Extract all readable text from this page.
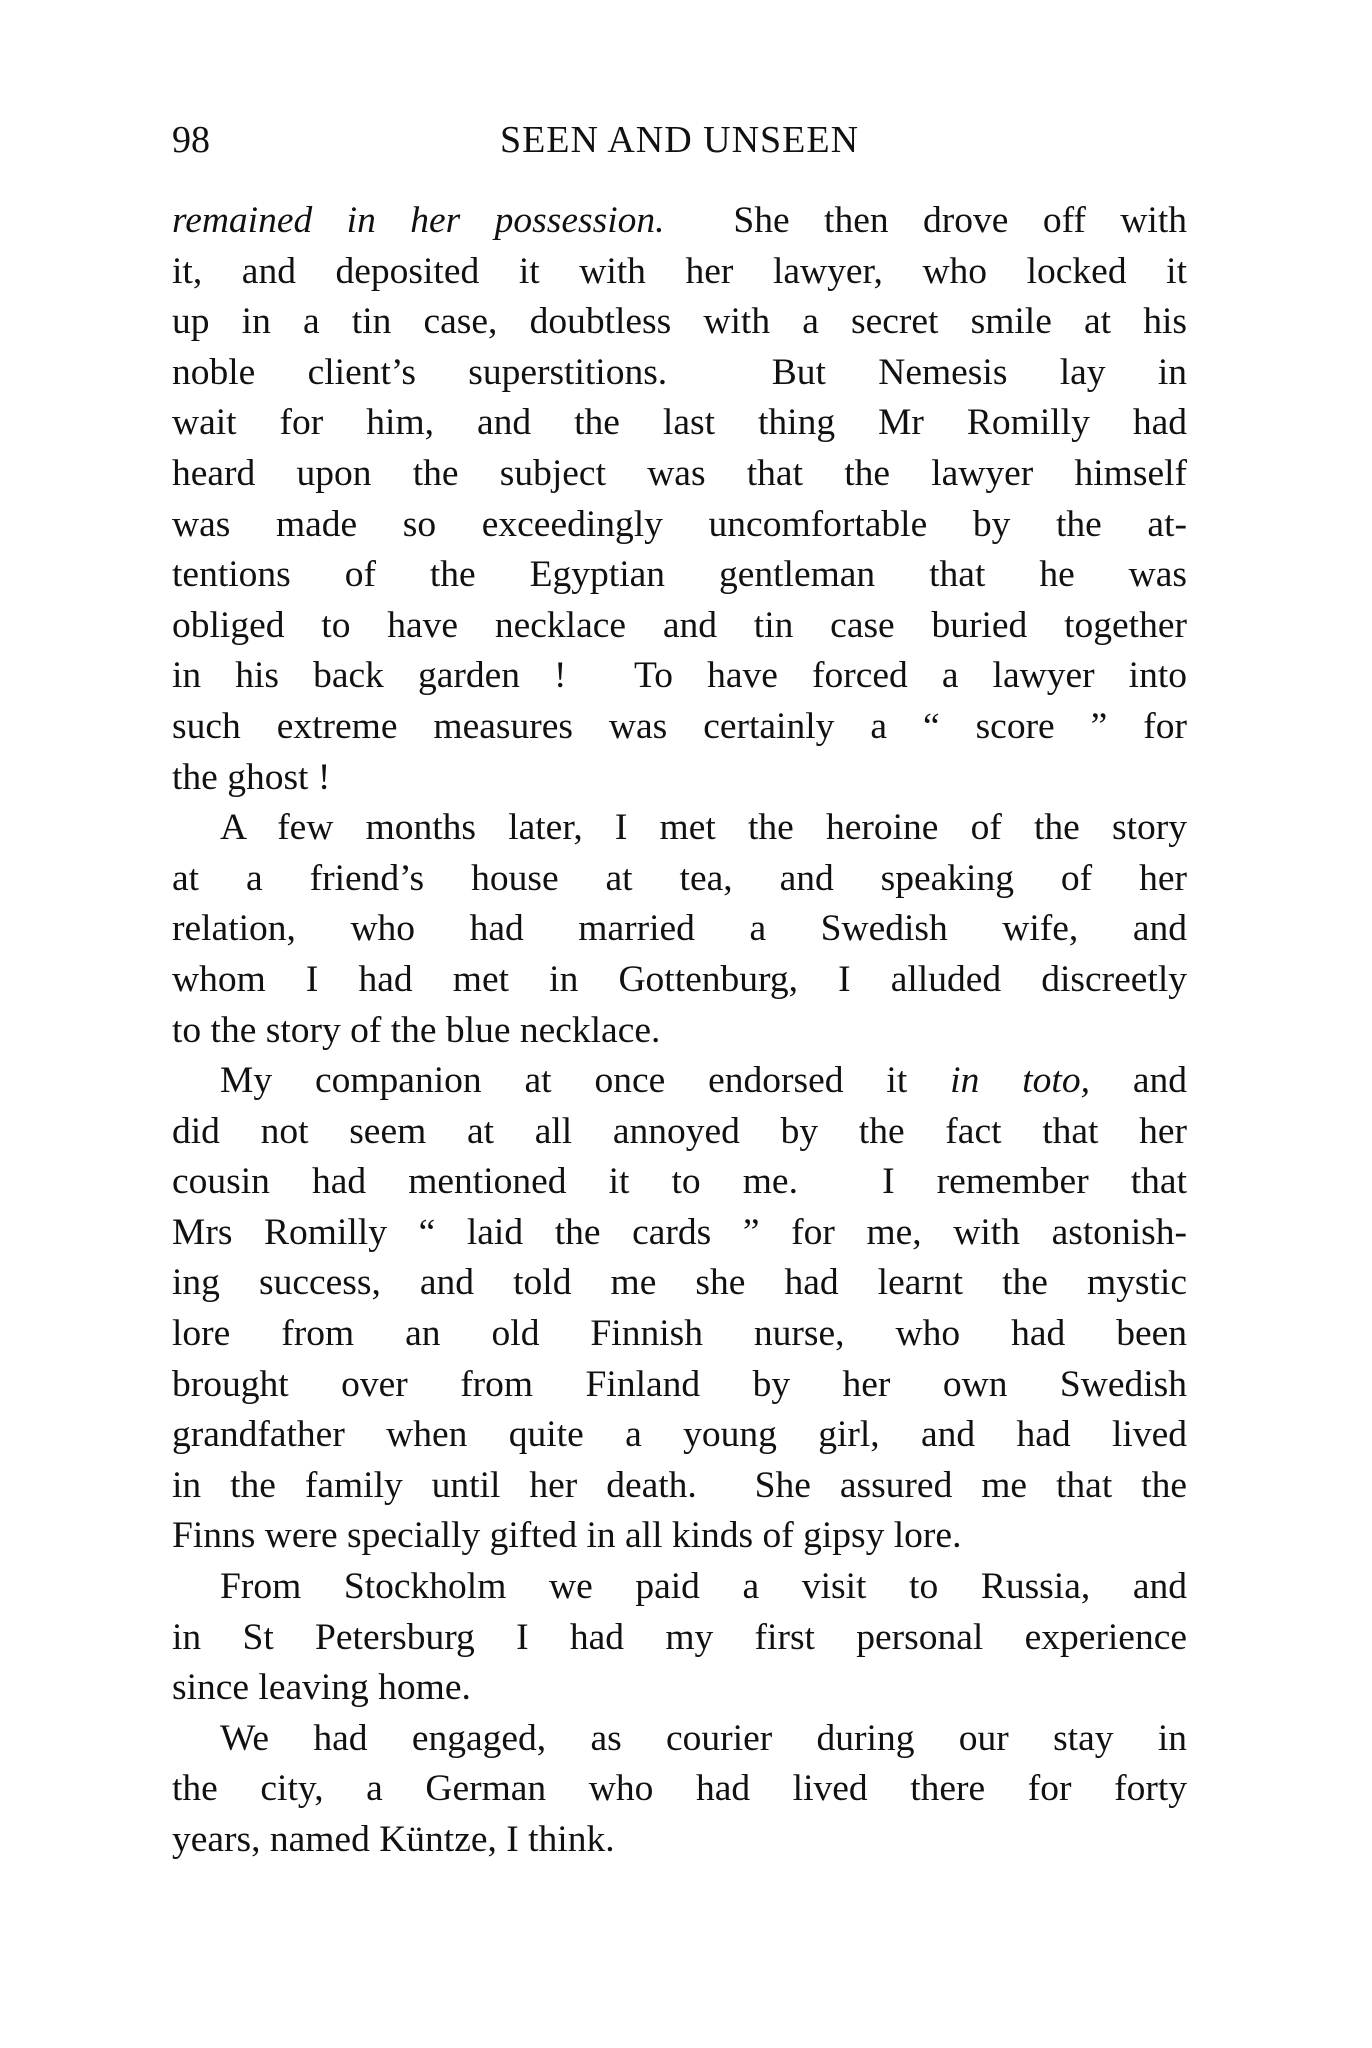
98	SEEN AND UNSEEN
remained in her possession.  She then drove off with
it, and deposited it with her lawyer, who locked it
up in a tin case, doubtless with a secret smile at his
noble client’s superstitions.  But Nemesis lay in
wait for him, and the last thing Mr Romilly had
heard upon the subject was that the lawyer himself
was made so exceedingly uncomfortable by the at-
tentions of the Egyptian gentleman that he was
obliged to have necklace and tin case buried together
in his back garden !  To have forced a lawyer into
such extreme measures was certainly a “ score ” for
the ghost !
A few months later, I met the heroine of the story
at a friend’s house at tea, and speaking of her
relation, who had married a Swedish wife, and
whom I had met in Gottenburg, I alluded discreetly
to the story of the blue necklace.
My companion at once endorsed it in toto, and
did not seem at all annoyed by the fact that her
cousin had mentioned it to me.  I remember that
Mrs Romilly “ laid the cards ” for me, with astonish-
ing success, and told me she had learnt the mystic
lore from an old Finnish nurse, who had been
brought over from Finland by her own Swedish
grandfather when quite a young girl, and had lived
in the family until her death.  She assured me that the
Finns were specially gifted in all kinds of gipsy lore.
From Stockholm we paid a visit to Russia, and
in St Petersburg I had my first personal experience
since leaving home.
We had engaged, as courier during our stay in
the city, a German who had lived there for forty
years, named Küntze, I think.
